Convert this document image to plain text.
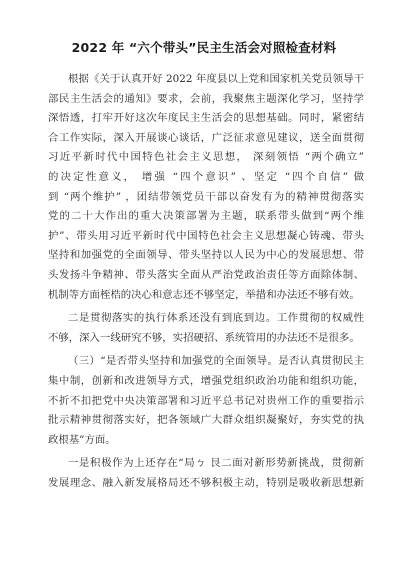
2022 年 “六个带头”民主生活会对照检查材料
根据《关于认真开好 2022 年度县以上党和国家机关党员领导干
部民主生活会的通知》要求，会前，我聚焦主题深化学习，坚持学
深悟透，打牢开好这次年度民主生活会的思想基础。同时，紧密结
合工作实际，深入开展谈心谈话，广泛征求意见建议，送全面贯彻
习近平新时代中国特色社会主义思想， 深刻领悟 “两个确立”
的决定性意义， 增强 “四个意识” 、坚定 “四个自信” 做
到 “两个维护” ，团结带领党员干部以奋发有为的精神贯彻落实
党的二十大作出的重大决策部署为主题，联系带头做到“两个维
护”、带头用习近平新时代中国特色社会主义思想凝心铸魂、带头
坚持和加强党的全面领导、带头坚持以人民为中心的发展思想、带
头发扬斗争精神、带头落实全面从严治党政治责任等方面除体制、
机制等方面桎梏的决心和意志还不够坚定，举措和办法还不够有效。
二是贯彻落实的执行体系还没有到底到边。工作贯彻的权威性
不够，深入一线研究不够，实招硬招、系统管用的办法还不是很多。
（三）“是否带头坚持和加强党的全面领导。是否认真贯彻民主
集中制，创新和改进领导方式，增强党组织政治功能和组织功能，
不折不扣把党中央决策部署和习近平总书记对贵州工作的重要指示
批示精神贯彻落实好，把各领域广大群众组织凝聚好，夯实党的执
政根基”方面。
一是积极作为上还存在“局ㄅ 艮二面对新形势新挑战，贯彻新
发展理念、融入新发展格局还不够积极主动，特别是吸收新思想新
